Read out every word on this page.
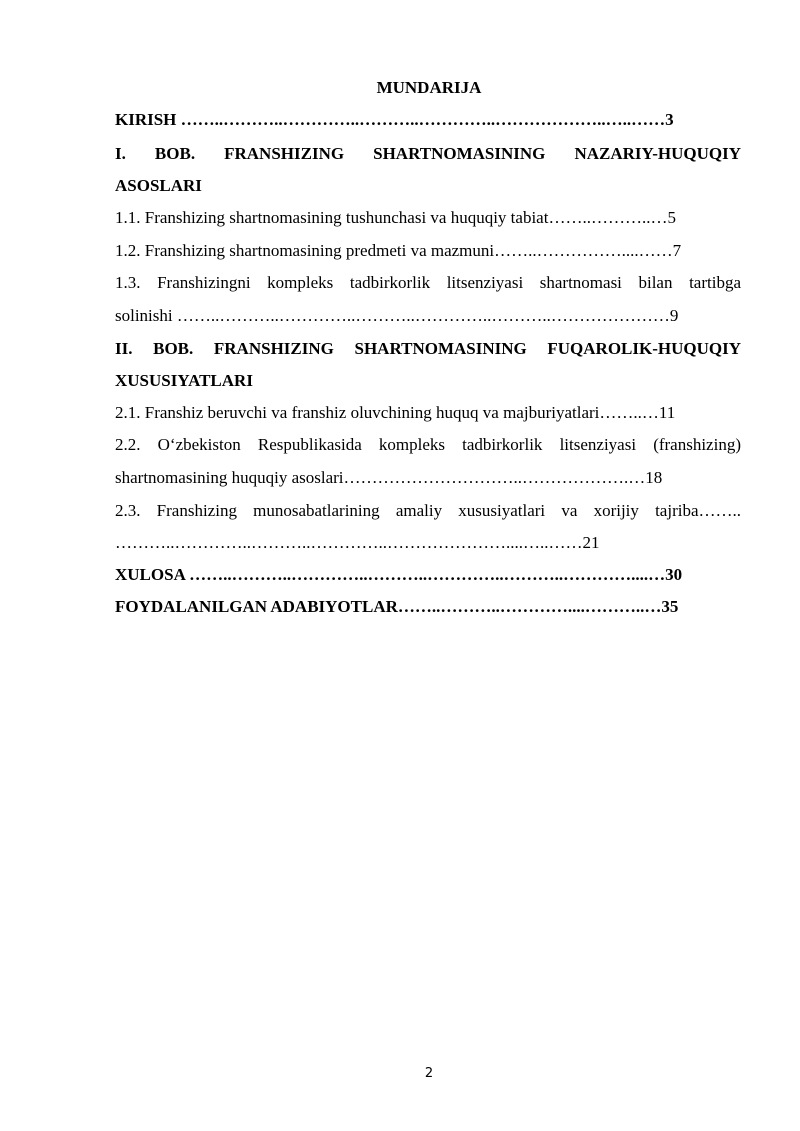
MUNDARIJA
KIRISH ……..………..…………..………..…………..………………..…..……3
I. BOB. FRANSHIZING SHARTNOMASINING NAZARIY-HUQUQIY
ASOSLARI
1.1. Franshizing shartnomasining tushunchasi va huquqiy tabiat……..………..…5
1.2. Franshizing shartnomasining predmeti va mazmuni……..……………....……7
1.3. Franshizingni kompleks tadbirkorlik litsenziyasi shartnomasi bilan tartibga
solinishi ……..………..…………..………..…………..………..…………………9
II. BOB. FRANSHIZING SHARTNOMASINING FUQAROLIK-HUQUQIY
XUSUSIYATLARI
2.1. Franshiz beruvchi va franshiz oluvchining huquq va majburiyatlari……..…11
2.2. O‘zbekiston Respublikasida kompleks tadbirkorlik litsenziyasi (franshizing)
shartnomasining huquqiy asoslari…………………………..……………….…18
2.3. Franshizing munosabatlarining amaliy xususiyatlari va xorijiy tajriba……..
………..…………..………..…………..…………………....…..……21
XULOSA ……..………..…………..………..…………..………..…………....…30
FOYDALANILGAN ADABIYOTLAR……..………..…………....………..…35
2
